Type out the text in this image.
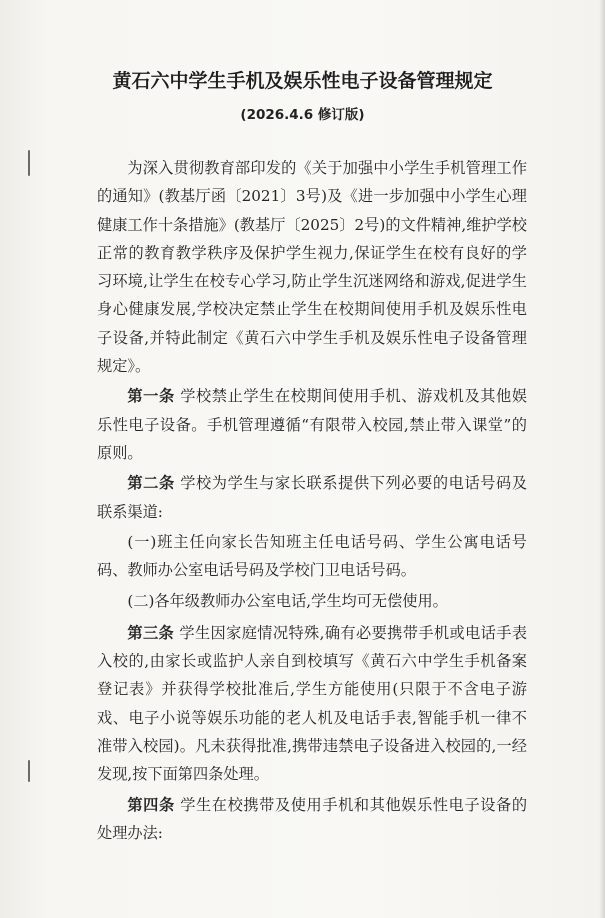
黄石六中学生手机及娱乐性电子设备管理规定
(2026.4.6 修订版)

为深入贯彻教育部印发的《关于加强中小学生手机管理工作的通知》(教基厅函〔2021〕3号)及《进一步加强中小学生心理健康工作十条措施》(教基厅〔2025〕2号)的文件精神,维护学校正常的教育教学秩序及保护学生视力,保证学生在校有良好的学习环境,让学生在校专心学习,防止学生沉迷网络和游戏,促进学生身心健康发展,学校决定禁止学生在校期间使用手机及娱乐性电子设备,并特此制定《黄石六中学生手机及娱乐性电子设备管理规定》。

第一条 学校禁止学生在校期间使用手机、游戏机及其他娱乐性电子设备。手机管理遵循“有限带入校园,禁止带入课堂”的原则。

第二条 学校为学生与家长联系提供下列必要的电话号码及联系渠道:

(一)班主任向家长告知班主任电话号码、学生公寓电话号码、教师办公室电话号码及学校门卫电话号码。

(二)各年级教师办公室电话,学生均可无偿使用。

第三条 学生因家庭情况特殊,确有必要携带手机或电话手表入校的,由家长或监护人亲自到校填写《黄石六中学生手机备案登记表》并获得学校批准后,学生方能使用(只限于不含电子游戏、电子小说等娱乐功能的老人机及电话手表,智能手机一律不准带入校园)。凡未获得批准,携带违禁电子设备进入校园的,一经发现,按下面第四条处理。

第四条 学生在校携带及使用手机和其他娱乐性电子设备的处理办法:
